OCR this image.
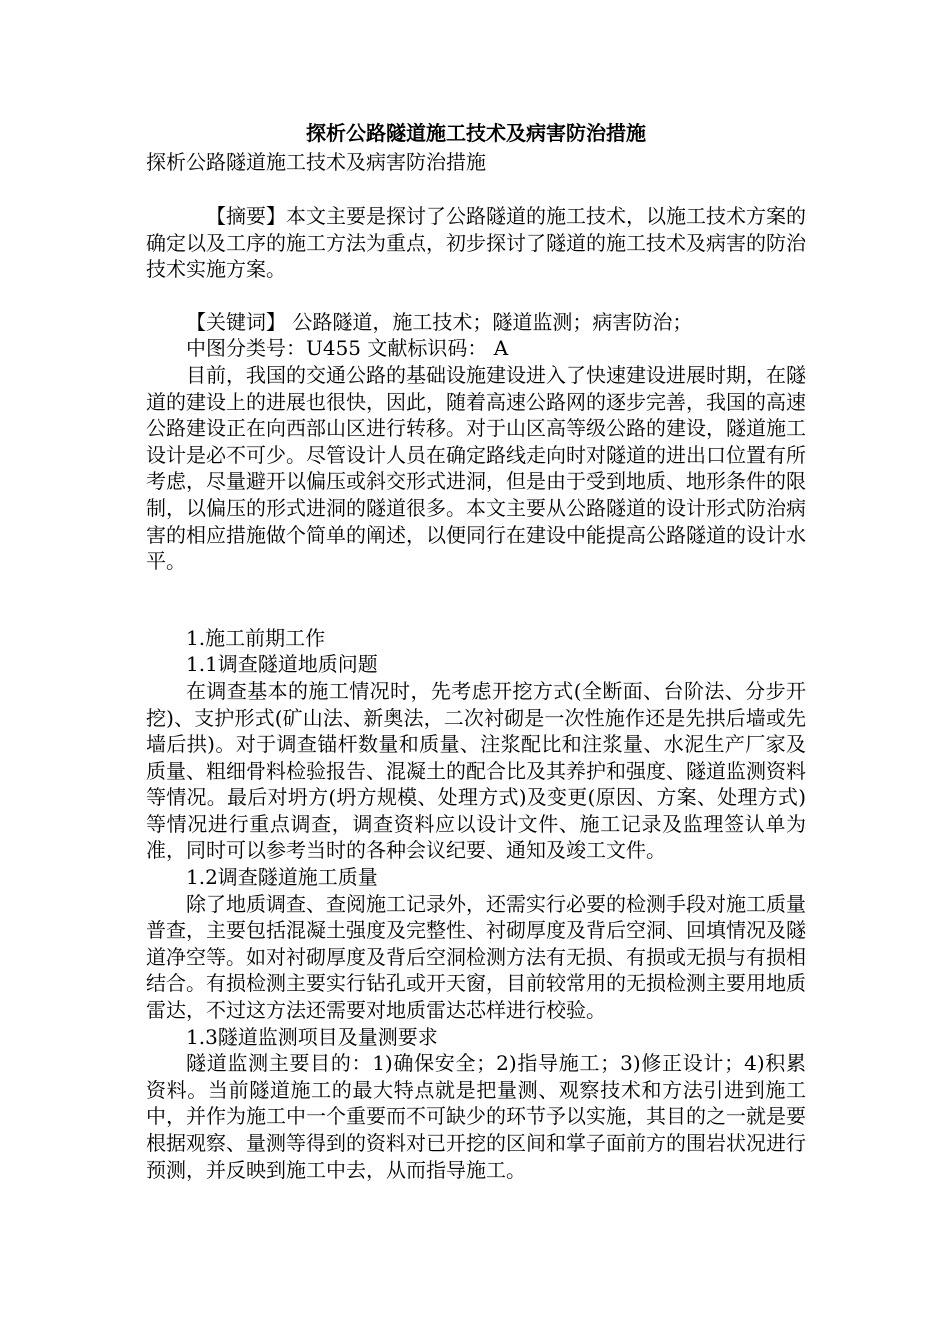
探析公路隧道施工技术及病害防治措施

探析公路隧道施工技术及病害防治措施

【摘要】本文主要是探讨了公路隧道的施工技术，以施工技术方案的确定以及工序的施工方法为重点，初步探讨了隧道的施工技术及病害的防治技术实施方案。

【关键词】 公路隧道，施工技术；隧道监测；病害防治；

中图分类号：U455 文献标识码： A

目前，我国的交通公路的基础设施建设进入了快速建设进展时期，在隧道的建设上的进展也很快，因此，随着高速公路网的逐步完善，我国的高速公路建设正在向西部山区进行转移。对于山区高等级公路的建设，隧道施工设计是必不可少。尽管设计人员在确定路线走向时对隧道的进出口位置有所考虑，尽量避开以偏压或斜交形式进洞，但是由于受到地质、地形条件的限制，以偏压的形式进洞的隧道很多。本文主要从公路隧道的设计形式防治病害的相应措施做个简单的阐述，以便同行在建设中能提高公路隧道的设计水平。

1.施工前期工作

1.1调查隧道地质问题

在调查基本的施工情况时，先考虑开挖方式(全断面、台阶法、分步开挖)、支护形式(矿山法、新奥法，二次衬砌是一次性施作还是先拱后墙或先墙后拱)。对于调查锚杆数量和质量、注浆配比和注浆量、水泥生产厂家及质量、粗细骨料检验报告、混凝土的配合比及其养护和强度、隧道监测资料等情况。最后对坍方(坍方规模、处理方式)及变更(原因、方案、处理方式)等情况进行重点调查，调查资料应以设计文件、施工记录及监理签认单为准，同时可以参考当时的各种会议纪要、通知及竣工文件。

1.2调查隧道施工质量

除了地质调查、查阅施工记录外，还需实行必要的检测手段对施工质量普查，主要包括混凝土强度及完整性、衬砌厚度及背后空洞、回填情况及隧道净空等。如对衬砌厚度及背后空洞检测方法有无损、有损或无损与有损相结合。有损检测主要实行钻孔或开天窗，目前较常用的无损检测主要用地质雷达，不过这方法还需要对地质雷达芯样进行校验。

1.3隧道监测项目及量测要求

隧道监测主要目的：1)确保安全；2)指导施工；3)修正设计；4)积累资料。当前隧道施工的最大特点就是把量测、观察技术和方法引进到施工中，并作为施工中一个重要而不可缺少的环节予以实施，其目的之一就是要根据观察、量测等得到的资料对已开挖的区间和掌子面前方的围岩状况进行预测，并反映到施工中去，从而指导施工。
